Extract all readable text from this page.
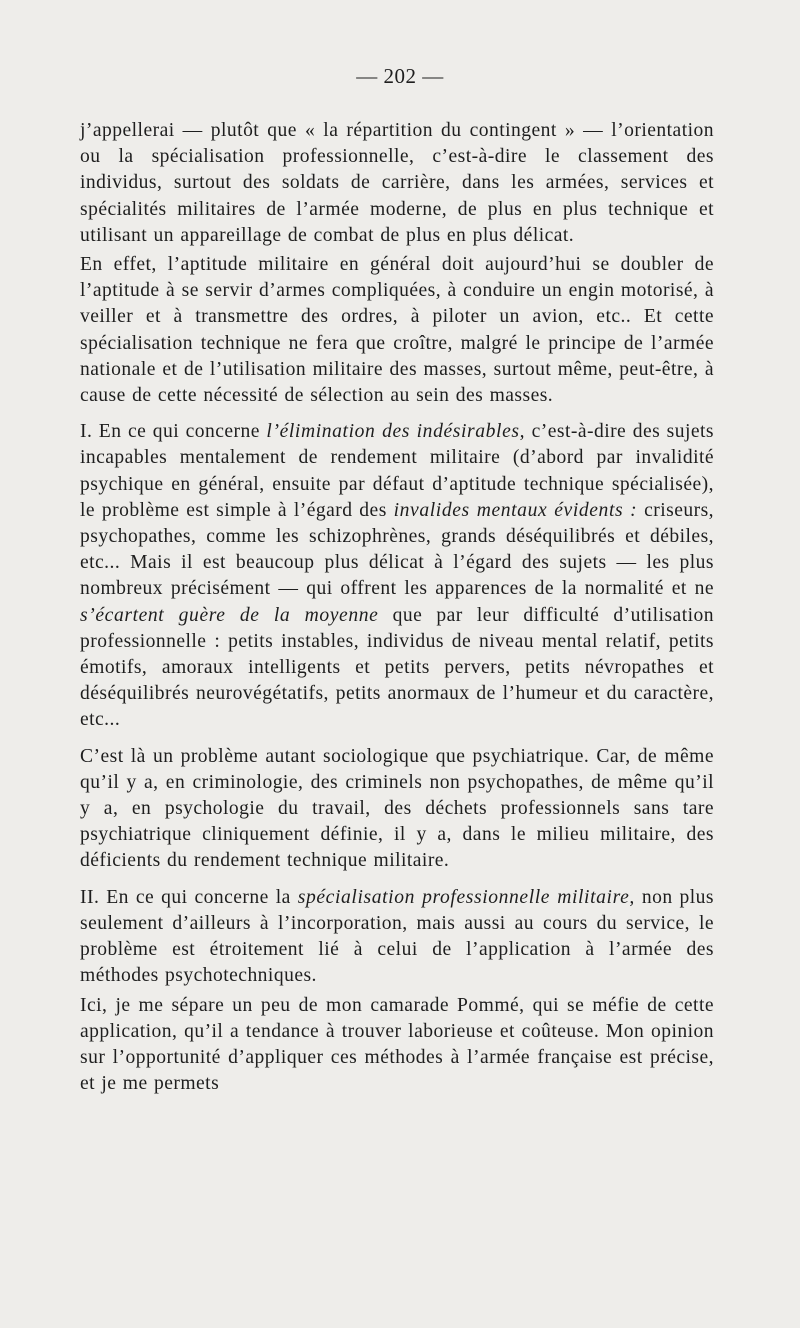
— 202 —

j’appellerai — plutôt que « la répartition du contingent » — l’orientation ou la spécialisation professionnelle, c’est-à-dire le classement des individus, surtout des soldats de carrière, dans les armées, services et spécialités militaires de l’armée moderne, de plus en plus technique et utilisant un appareillage de combat de plus en plus délicat.

En effet, l’aptitude militaire en général doit aujourd’hui se doubler de l’aptitude à se servir d’armes compliquées, à conduire un engin motorisé, à veiller et à transmettre des ordres, à piloter un avion, etc.. Et cette spécialisation technique ne fera que croître, malgré le principe de l’armée nationale et de l’utilisation militaire des masses, surtout même, peut-être, à cause de cette nécessité de sélection au sein des masses.

I. En ce qui concerne l’élimination des indésirables, c’est-à-dire des sujets incapables mentalement de rendement militaire (d’abord par invalidité psychique en général, ensuite par défaut d’aptitude technique spécialisée), le problème est simple à l’égard des invalides mentaux évidents : criseurs, psychopathes, comme les schizophrènes, grands déséquilibrés et débiles, etc... Mais il est beaucoup plus délicat à l’égard des sujets — les plus nombreux précisément — qui offrent les apparences de la normalité et ne s’écartent guère de la moyenne que par leur difficulté d’utilisation professionnelle : petits instables, individus de niveau mental relatif, petits émotifs, amoraux intelligents et petits pervers, petits névropathes et déséquilibrés neurovégétatifs, petits anormaux de l’humeur et du caractère, etc...

C’est là un problème autant sociologique que psychiatrique. Car, de même qu’il y a, en criminologie, des criminels non psychopathes, de même qu’il y a, en psychologie du travail, des déchets professionnels sans tare psychiatrique cliniquement définie, il y a, dans le milieu militaire, des déficients du rendement technique militaire.

II. En ce qui concerne la spécialisation professionnelle militaire, non plus seulement d’ailleurs à l’incorporation, mais aussi au cours du service, le problème est étroitement lié à celui de l’application à l’armée des méthodes psychotechniques.

Ici, je me sépare un peu de mon camarade Pommé, qui se méfie de cette application, qu’il a tendance à trouver laborieuse et coûteuse. Mon opinion sur l’opportunité d’appliquer ces méthodes à l’armée française est précise, et je me permets
